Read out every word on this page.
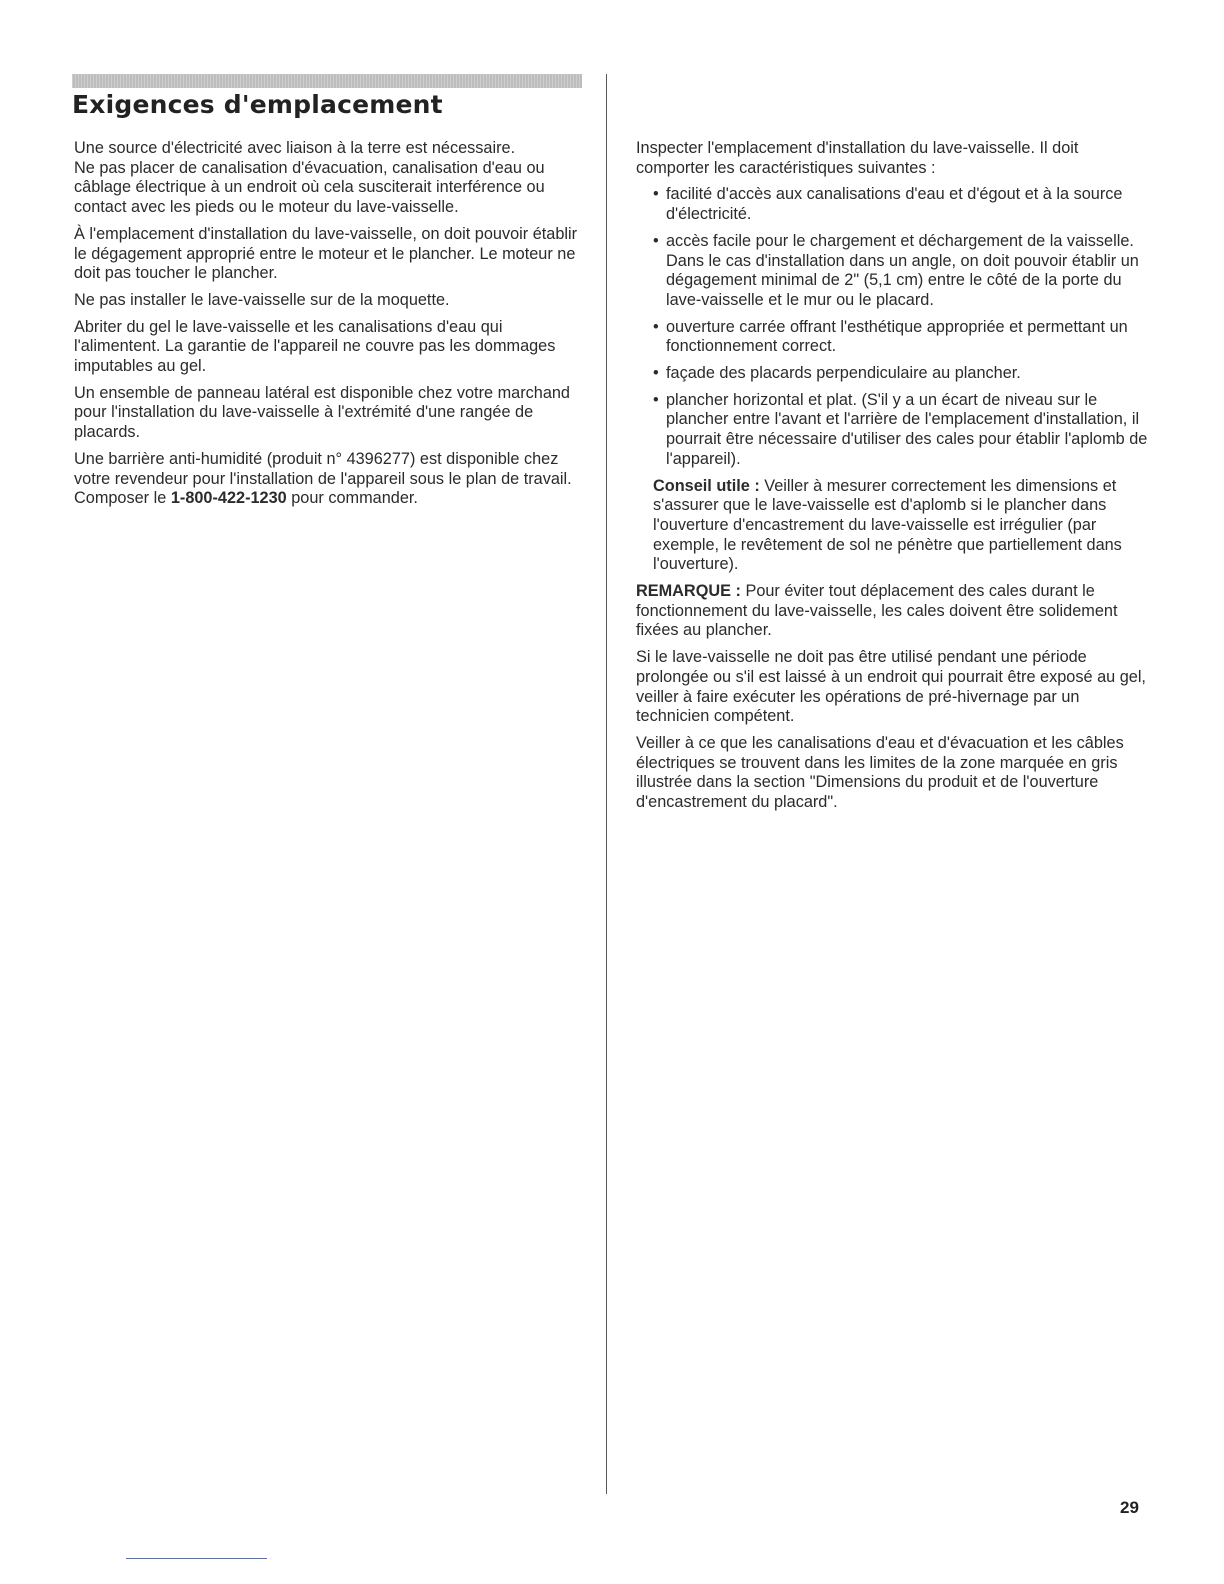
Exigences d'emplacement

Une source d'électricité avec liaison à la terre est nécessaire.

Ne pas placer de canalisation d'évacuation, canalisation d'eau ou câblage électrique à un endroit où cela susciterait interférence ou contact avec les pieds ou le moteur du lave-vaisselle.

À l'emplacement d'installation du lave-vaisselle, on doit pouvoir établir le dégagement approprié entre le moteur et le plancher. Le moteur ne doit pas toucher le plancher.

Ne pas installer le lave-vaisselle sur de la moquette.

Abriter du gel le lave-vaisselle et les canalisations d'eau qui l'alimentent. La garantie de l'appareil ne couvre pas les dommages imputables au gel.

Un ensemble de panneau latéral est disponible chez votre marchand pour l'installation du lave-vaisselle à l'extrémité d'une rangée de placards.

Une barrière anti-humidité (produit n° 4396277) est disponible chez votre revendeur pour l'installation de l'appareil sous le plan de travail. Composer le 1-800-422-1230 pour commander.

Inspecter l'emplacement d'installation du lave-vaisselle. Il doit comporter les caractéristiques suivantes :

• facilité d'accès aux canalisations d'eau et d'égout et à la source d'électricité.
• accès facile pour le chargement et déchargement de la vaisselle.
Dans le cas d'installation dans un angle, on doit pouvoir établir un dégagement minimal de 2" (5,1 cm) entre le côté de la porte du lave-vaisselle et le mur ou le placard.
• ouverture carrée offrant l'esthétique appropriée et permettant un fonctionnement correct.
• façade des placards perpendiculaire au plancher.
• plancher horizontal et plat. (S'il y a un écart de niveau sur le plancher entre l'avant et l'arrière de l'emplacement d'installation, il pourrait être nécessaire d'utiliser des cales pour établir l'aplomb de l'appareil).

Conseil utile : Veiller à mesurer correctement les dimensions et s'assurer que le lave-vaisselle est d'aplomb si le plancher dans l'ouverture d'encastrement du lave-vaisselle est irrégulier (par exemple, le revêtement de sol ne pénètre que partiellement dans l'ouverture).

REMARQUE : Pour éviter tout déplacement des cales durant le fonctionnement du lave-vaisselle, les cales doivent être solidement fixées au plancher.

Si le lave-vaisselle ne doit pas être utilisé pendant une période prolongée ou s'il est laissé à un endroit qui pourrait être exposé au gel, veiller à faire exécuter les opérations de pré-hivernage par un technicien compétent.

Veiller à ce que les canalisations d'eau et d'évacuation et les câbles électriques se trouvent dans les limites de la zone marquée en gris illustrée dans la section "Dimensions du produit et de l'ouverture d'encastrement du placard".

29
